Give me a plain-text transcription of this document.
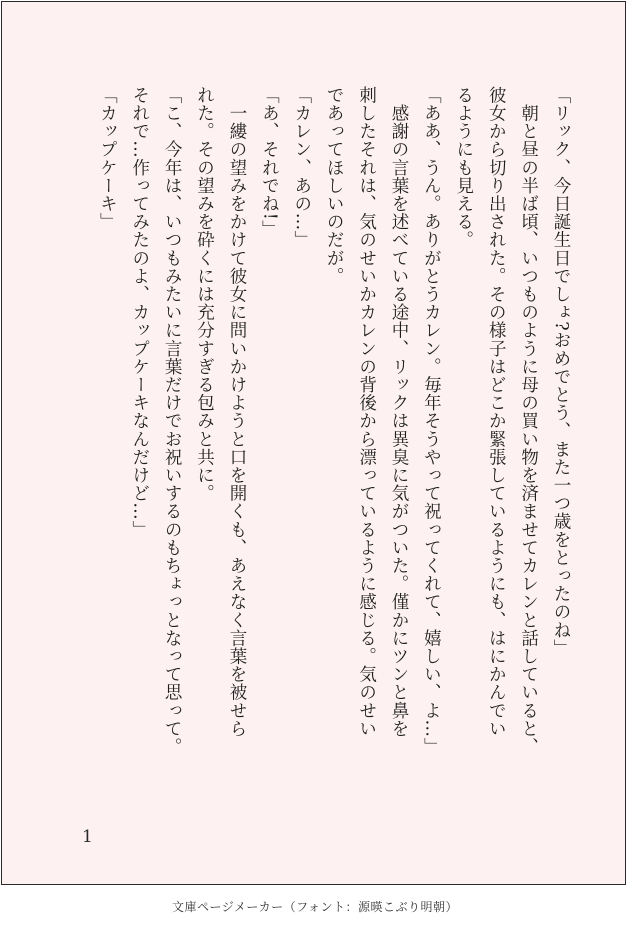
「リック、今日誕生日でしょ?おめでとう、また一つ歳をとったのね」

　朝と昼の半ば頃、いつものように母の買い物を済ませてカレンと話していると、

彼女から切り出された。その様子はどこか緊張しているようにも、はにかんでい

るようにも見える。

「ああ、うん。ありがとうカレン。毎年そうやって祝ってくれて、嬉しい、よ…」

　感謝の言葉を述べている途中、リックは異臭に気がついた。僅かにツンと鼻を

刺したそれは、気のせいかカレンの背後から漂っているように感じる。気のせい

であってほしいのだが。

「カレン、あの…」

「あ、それでね!」

　一縷の望みをかけて彼女に問いかけようと口を開くも、あえなく言葉を被せら

れた。その望みを砕くには充分すぎる包みと共に。

「こ、今年は、いつもみたいに言葉だけでお祝いするのもちょっとなって思って。

それで…作ってみたのよ、カップケーキなんだけど…」

「カップケーキ」

1
文庫ページメーカー（フォント：源暎こぶり明朝）
